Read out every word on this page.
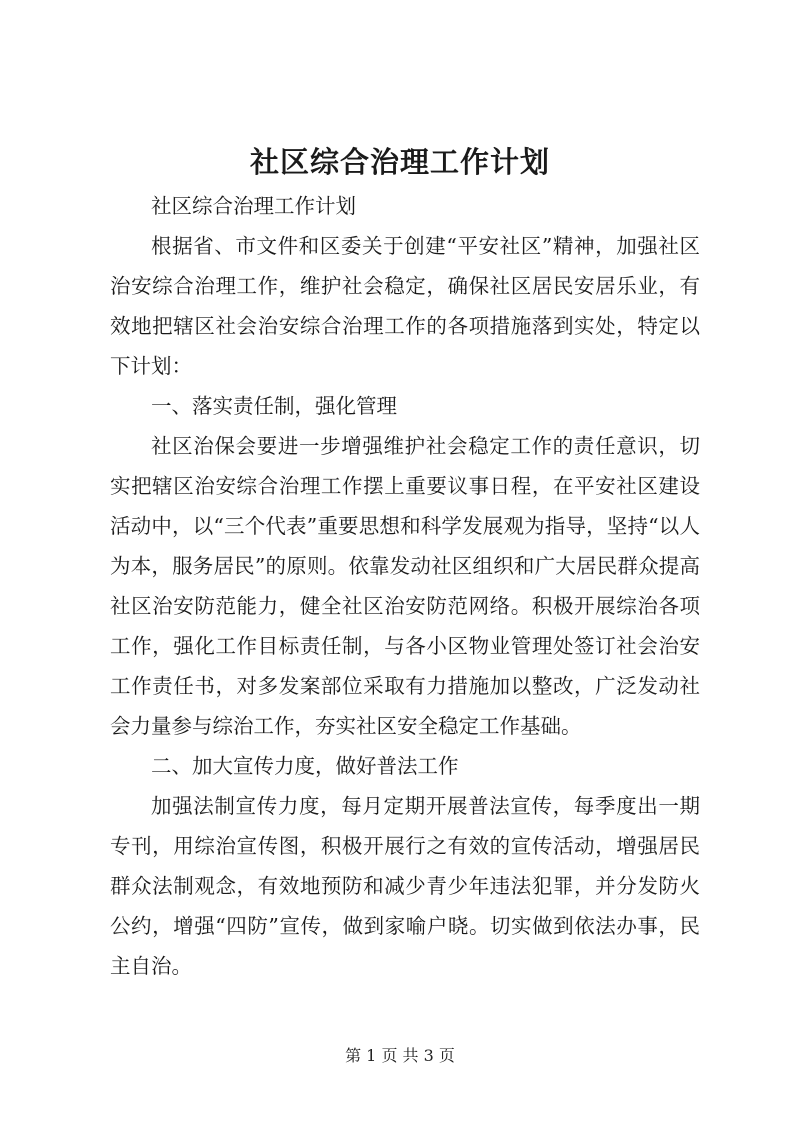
社区综合治理工作计划

社区综合治理工作计划

根据省、市文件和区委关于创建“平安社区”精神，加强社区治安综合治理工作，维护社会稳定，确保社区居民安居乐业，有效地把辖区社会治安综合治理工作的各项措施落到实处，特定以下计划：

一、落实责任制，强化管理

社区治保会要进一步增强维护社会稳定工作的责任意识，切实把辖区治安综合治理工作摆上重要议事日程，在平安社区建设活动中，以“三个代表”重要思想和科学发展观为指导，坚持“以人为本，服务居民”的原则。依靠发动社区组织和广大居民群众提高社区治安防范能力，健全社区治安防范网络。积极开展综治各项工作，强化工作目标责任制，与各小区物业管理处签订社会治安工作责任书，对多发案部位采取有力措施加以整改，广泛发动社会力量参与综治工作，夯实社区安全稳定工作基础。

二、加大宣传力度，做好普法工作

加强法制宣传力度，每月定期开展普法宣传，每季度出一期专刊，用综治宣传图，积极开展行之有效的宣传活动，增强居民群众法制观念，有效地预防和减少青少年违法犯罪，并分发防火公约，增强“四防”宣传，做到家喻户晓。切实做到依法办事，民主自治。

第 1 页 共 3 页
